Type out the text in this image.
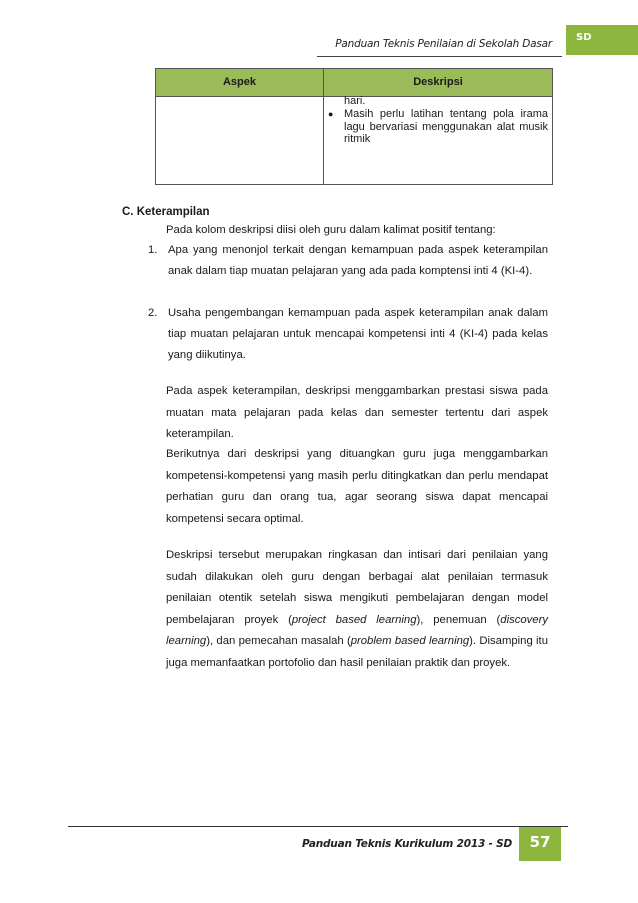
Panduan Teknis Penilaian di Sekolah Dasar
SD
Aspek	Deskripsi
hari.
● Masih perlu latihan tentang pola irama lagu bervariasi menggunakan alat musik ritmik
C. Keterampilan
Pada kolom deskripsi diisi oleh guru dalam kalimat positif tentang:
1. Apa yang menonjol terkait dengan kemampuan pada aspek keterampilan anak dalam tiap muatan pelajaran yang ada pada komptensi inti 4 (KI-4).
2. Usaha pengembangan kemampuan pada aspek keterampilan anak dalam tiap muatan pelajaran untuk mencapai kompetensi inti 4 (KI-4) pada kelas yang diikutinya.
Pada aspek keterampilan, deskripsi menggambarkan prestasi siswa pada muatan mata pelajaran pada kelas dan semester tertentu dari aspek keterampilan.
Berikutnya dari deskripsi yang dituangkan guru juga menggambarkan kompetensi-kompetensi yang masih perlu ditingkatkan dan perlu mendapat perhatian guru dan orang tua, agar seorang siswa dapat mencapai kompetensi secara optimal.
Deskripsi tersebut merupakan ringkasan dan intisari dari penilaian yang sudah dilakukan oleh guru dengan berbagai alat penilaian termasuk penilaian otentik setelah siswa mengikuti pembelajaran dengan model pembelajaran proyek (project based learning), penemuan (discovery learning), dan pemecahan masalah (problem based learning). Disamping itu juga memanfaatkan portofolio dan hasil penilaian praktik dan proyek.
Panduan Teknis Kurikulum 2013 - SD	57
